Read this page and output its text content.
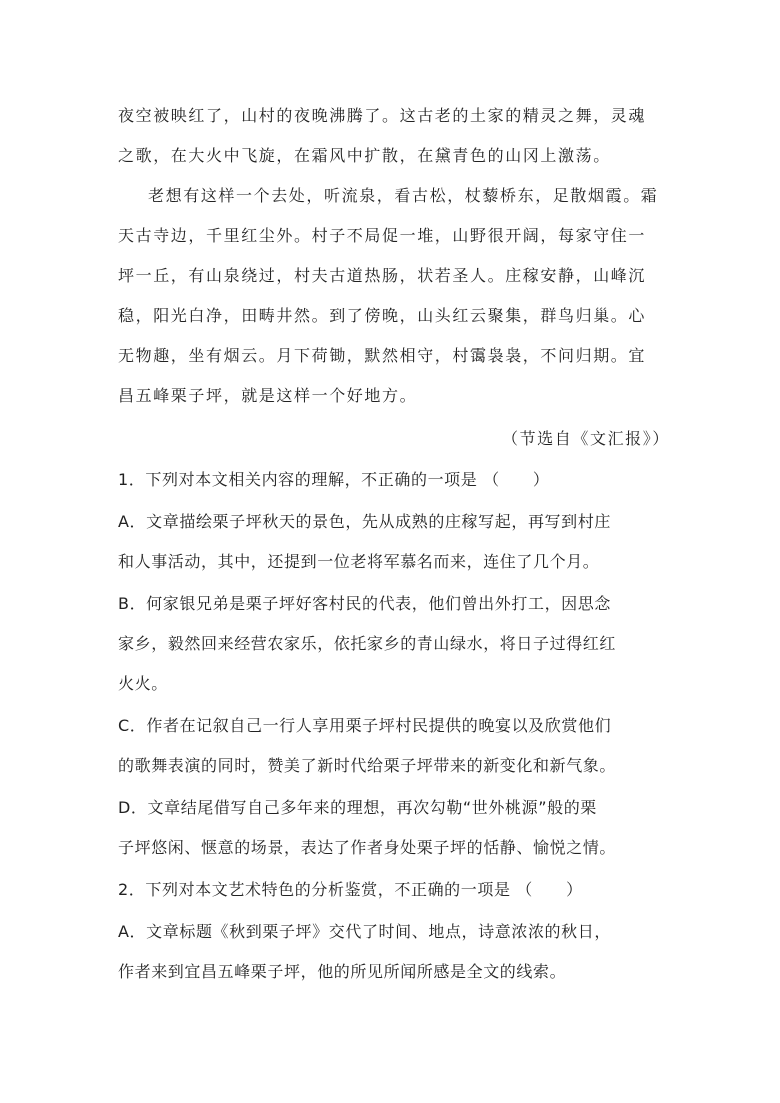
夜空被映红了，山村的夜晚沸腾了。这古老的土家的精灵之舞，灵魂
之歌，在大火中飞旋，在霜风中扩散，在黛青色的山冈上激荡。
老想有这样一个去处，听流泉，看古松，杖藜桥东，足散烟霞。霜
天古寺边，千里红尘外。村子不局促一堆，山野很开阔，每家守住一
坪一丘，有山泉绕过，村夫古道热肠，状若圣人。庄稼安静，山峰沉
稳，阳光白净，田畴井然。到了傍晚，山头红云聚集，群鸟归巢。心
无物趣，坐有烟云。月下荷锄，默然相守，村霭袅袅，不问归期。宜
昌五峰栗子坪，就是这样一个好地方。
（节选自《文汇报》）
1．下列对本文相关内容的理解，不正确的一项是 （　　）
A．文章描绘栗子坪秋天的景色，先从成熟的庄稼写起，再写到村庄
和人事活动，其中，还提到一位老将军慕名而来，连住了几个月。
B．何家银兄弟是栗子坪好客村民的代表，他们曾出外打工，因思念
家乡，毅然回来经营农家乐，依托家乡的青山绿水，将日子过得红红
火火。
C．作者在记叙自己一行人享用栗子坪村民提供的晚宴以及欣赏他们
的歌舞表演的同时，赞美了新时代给栗子坪带来的新变化和新气象。
D．文章结尾借写自己多年来的理想，再次勾勒“世外桃源”般的栗
子坪悠闲、惬意的场景，表达了作者身处栗子坪的恬静、愉悦之情。
2．下列对本文艺术特色的分析鉴赏，不正确的一项是 （　　）
A．文章标题《秋到栗子坪》交代了时间、地点，诗意浓浓的秋日，
作者来到宜昌五峰栗子坪，他的所见所闻所感是全文的线索。
